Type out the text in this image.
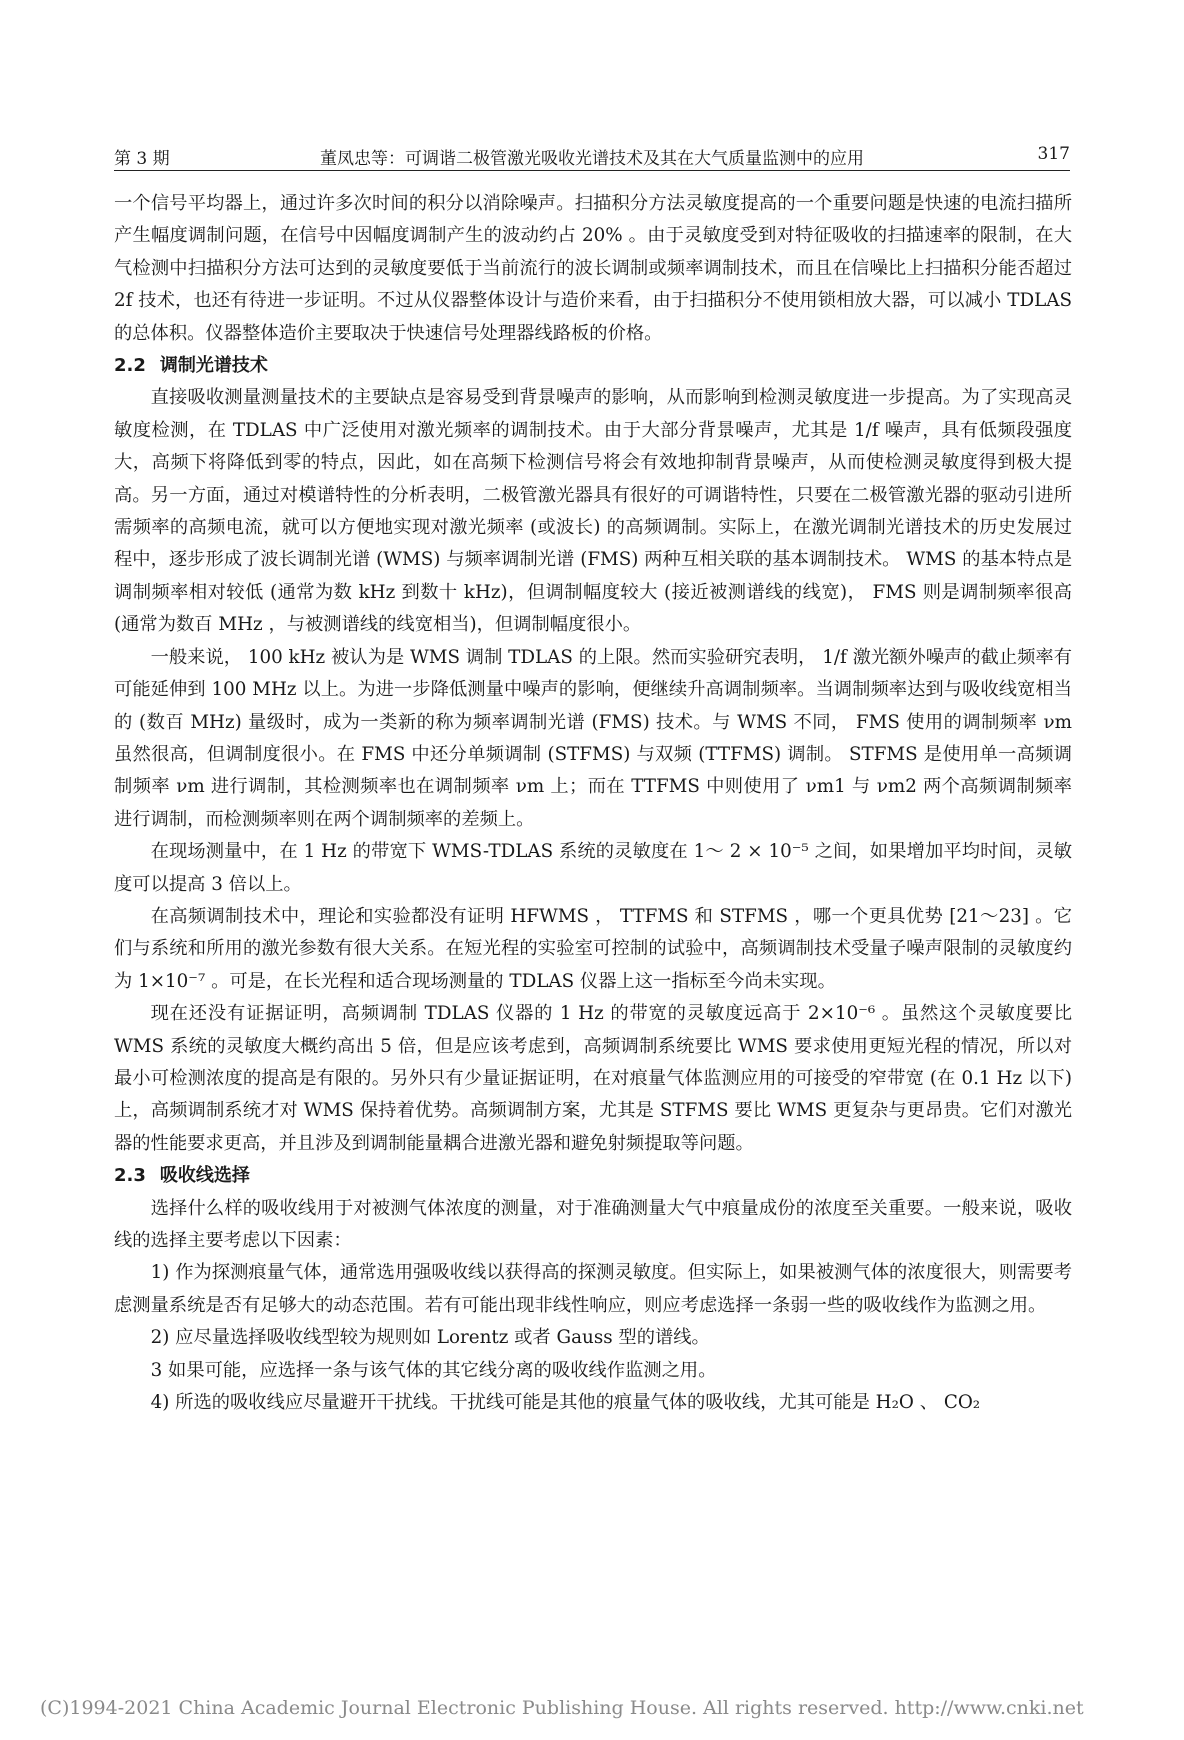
第 3 期	董凤忠等：可调谐二极管激光吸收光谱技术及其在大气质量监测中的应用	317

一个信号平均器上，通过许多次时间的积分以消除噪声。扫描积分方法灵敏度提高的一个重要问题是快速的电流扫描所产生幅度调制问题，在信号中因幅度调制产生的波动约占 20% 。由于灵敏度受到对特征吸收的扫描速率的限制，在大气检测中扫描积分方法可达到的灵敏度要低于当前流行的波长调制或频率调制技术，而且在信噪比上扫描积分能否超过 2f 技术，也还有待进一步证明。不过从仪器整体设计与造价来看，由于扫描积分不使用锁相放大器，可以减小 TDLAS 的总体积。仪器整体造价主要取决于快速信号处理器线路板的价格。

2.2 调制光谱技术

直接吸收测量测量技术的主要缺点是容易受到背景噪声的影响，从而影响到检测灵敏度进一步提高。为了实现高灵敏度检测，在 TDLAS 中广泛使用对激光频率的调制技术。由于大部分背景噪声，尤其是 1/f 噪声，具有低频段强度大，高频下将降低到零的特点，因此，如在高频下检测信号将会有效地抑制背景噪声，从而使检测灵敏度得到极大提高。另一方面，通过对模谱特性的分析表明，二极管激光器具有很好的可调谐特性，只要在二极管激光器的驱动引进所需频率的高频电流，就可以方便地实现对激光频率 (或波长) 的高频调制。实际上，在激光调制光谱技术的历史发展过程中，逐步形成了波长调制光谱 (WMS) 与频率调制光谱 (FMS) 两种互相关联的基本调制技术。 WMS 的基本特点是调制频率相对较低 (通常为数 kHz 到数十 kHz)，但调制幅度较大 (接近被测谱线的线宽)， FMS 则是调制频率很高 (通常为数百 MHz ，与被测谱线的线宽相当)，但调制幅度很小。

一般来说， 100 kHz 被认为是 WMS 调制 TDLAS 的上限。然而实验研究表明， 1/f 激光额外噪声的截止频率有可能延伸到 100 MHz 以上。为进一步降低测量中噪声的影响，便继续升高调制频率。当调制频率达到与吸收线宽相当的 (数百 MHz) 量级时，成为一类新的称为频率调制光谱 (FMS) 技术。与 WMS 不同， FMS 使用的调制频率 νm 虽然很高，但调制度很小。在 FMS 中还分单频调制 (STFMS) 与双频 (TTFMS) 调制。 STFMS 是使用单一高频调制频率 νm 进行调制，其检测频率也在调制频率 νm 上；而在 TTFMS 中则使用了 νm1 与 νm2 两个高频调制频率进行调制，而检测频率则在两个调制频率的差频上。

在现场测量中，在 1 Hz 的带宽下 WMS-TDLAS 系统的灵敏度在 1～ 2 × 10⁻⁵ 之间，如果增加平均时间，灵敏度可以提高 3 倍以上。

在高频调制技术中，理论和实验都没有证明 HFWMS ， TTFMS 和 STFMS ，哪一个更具优势 [21～23] 。它们与系统和所用的激光参数有很大关系。在短光程的实验室可控制的试验中，高频调制技术受量子噪声限制的灵敏度约为 1×10⁻⁷ 。可是，在长光程和适合现场测量的 TDLAS 仪器上这一指标至今尚未实现。

现在还没有证据证明，高频调制 TDLAS 仪器的 1 Hz 的带宽的灵敏度远高于 2×10⁻⁶ 。虽然这个灵敏度要比 WMS 系统的灵敏度大概约高出 5 倍，但是应该考虑到，高频调制系统要比 WMS 要求使用更短光程的情况，所以对最小可检测浓度的提高是有限的。另外只有少量证据证明，在对痕量气体监测应用的可接受的窄带宽 (在 0.1 Hz 以下) 上，高频调制系统才对 WMS 保持着优势。高频调制方案，尤其是 STFMS 要比 WMS 更复杂与更昂贵。它们对激光器的性能要求更高，并且涉及到调制能量耦合进激光器和避免射频提取等问题。

2.3 吸收线选择

选择什么样的吸收线用于对被测气体浓度的测量，对于准确测量大气中痕量成份的浓度至关重要。一般来说，吸收线的选择主要考虑以下因素：

1) 作为探测痕量气体，通常选用强吸收线以获得高的探测灵敏度。但实际上，如果被测气体的浓度很大，则需要考虑测量系统是否有足够大的动态范围。若有可能出现非线性响应，则应考虑选择一条弱一些的吸收线作为监测之用。

2) 应尽量选择吸收线型较为规则如 Lorentz 或者 Gauss 型的谱线。

3 如果可能，应选择一条与该气体的其它线分离的吸收线作监测之用。

4) 所选的吸收线应尽量避开干扰线。干扰线可能是其他的痕量气体的吸收线，尤其可能是 H₂O 、 CO₂

(C)1994-2021 China Academic Journal Electronic Publishing House. All rights reserved. http://www.cnki.net
